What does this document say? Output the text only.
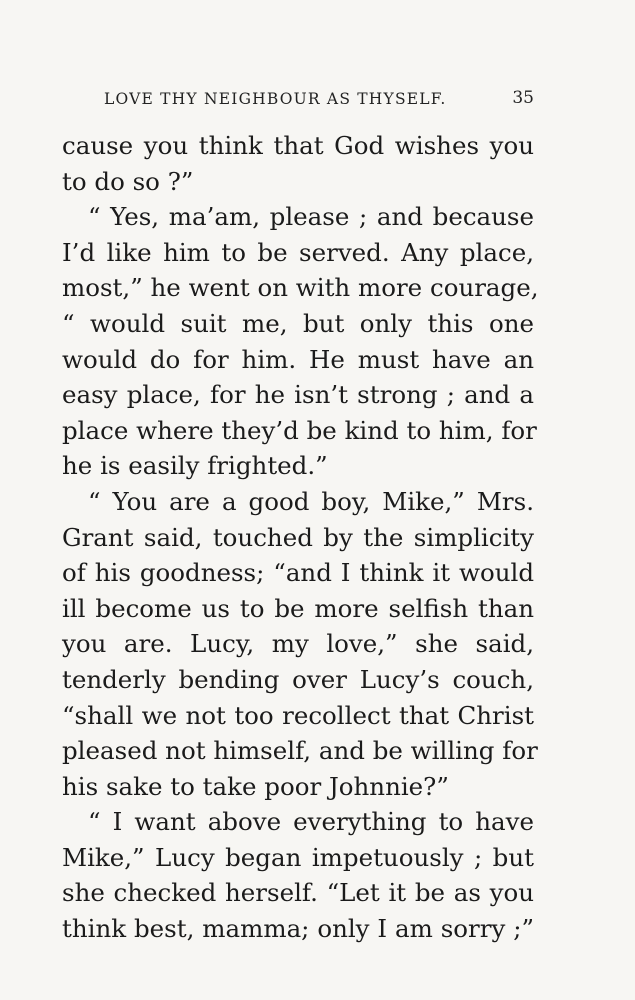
LOVE THY NEIGHBOUR AS THYSELF.	35
cause you think that God wishes you
to do so ?”
“ Yes, ma’am, please ; and because
I’d like him to be served. Any place,
most,” he went on with more courage,
“ would suit me, but only this one
would do for him. He must have an
easy place, for he isn’t strong ; and a
place where they’d be kind to him, for
he is easily frighted.”
“ You are a good boy, Mike,” Mrs.
Grant said, touched by the simplicity
of his goodness; “and I think it would
ill become us to be more selfish than
you are. Lucy, my love,” she said,
tenderly bending over Lucy’s couch,
“shall we not too recollect that Christ
pleased not himself, and be willing for
his sake to take poor Johnnie?”
“ I want above everything to have
Mike,” Lucy began impetuously ; but
she checked herself. “Let it be as you
think best, mamma; only I am sorry ;”
